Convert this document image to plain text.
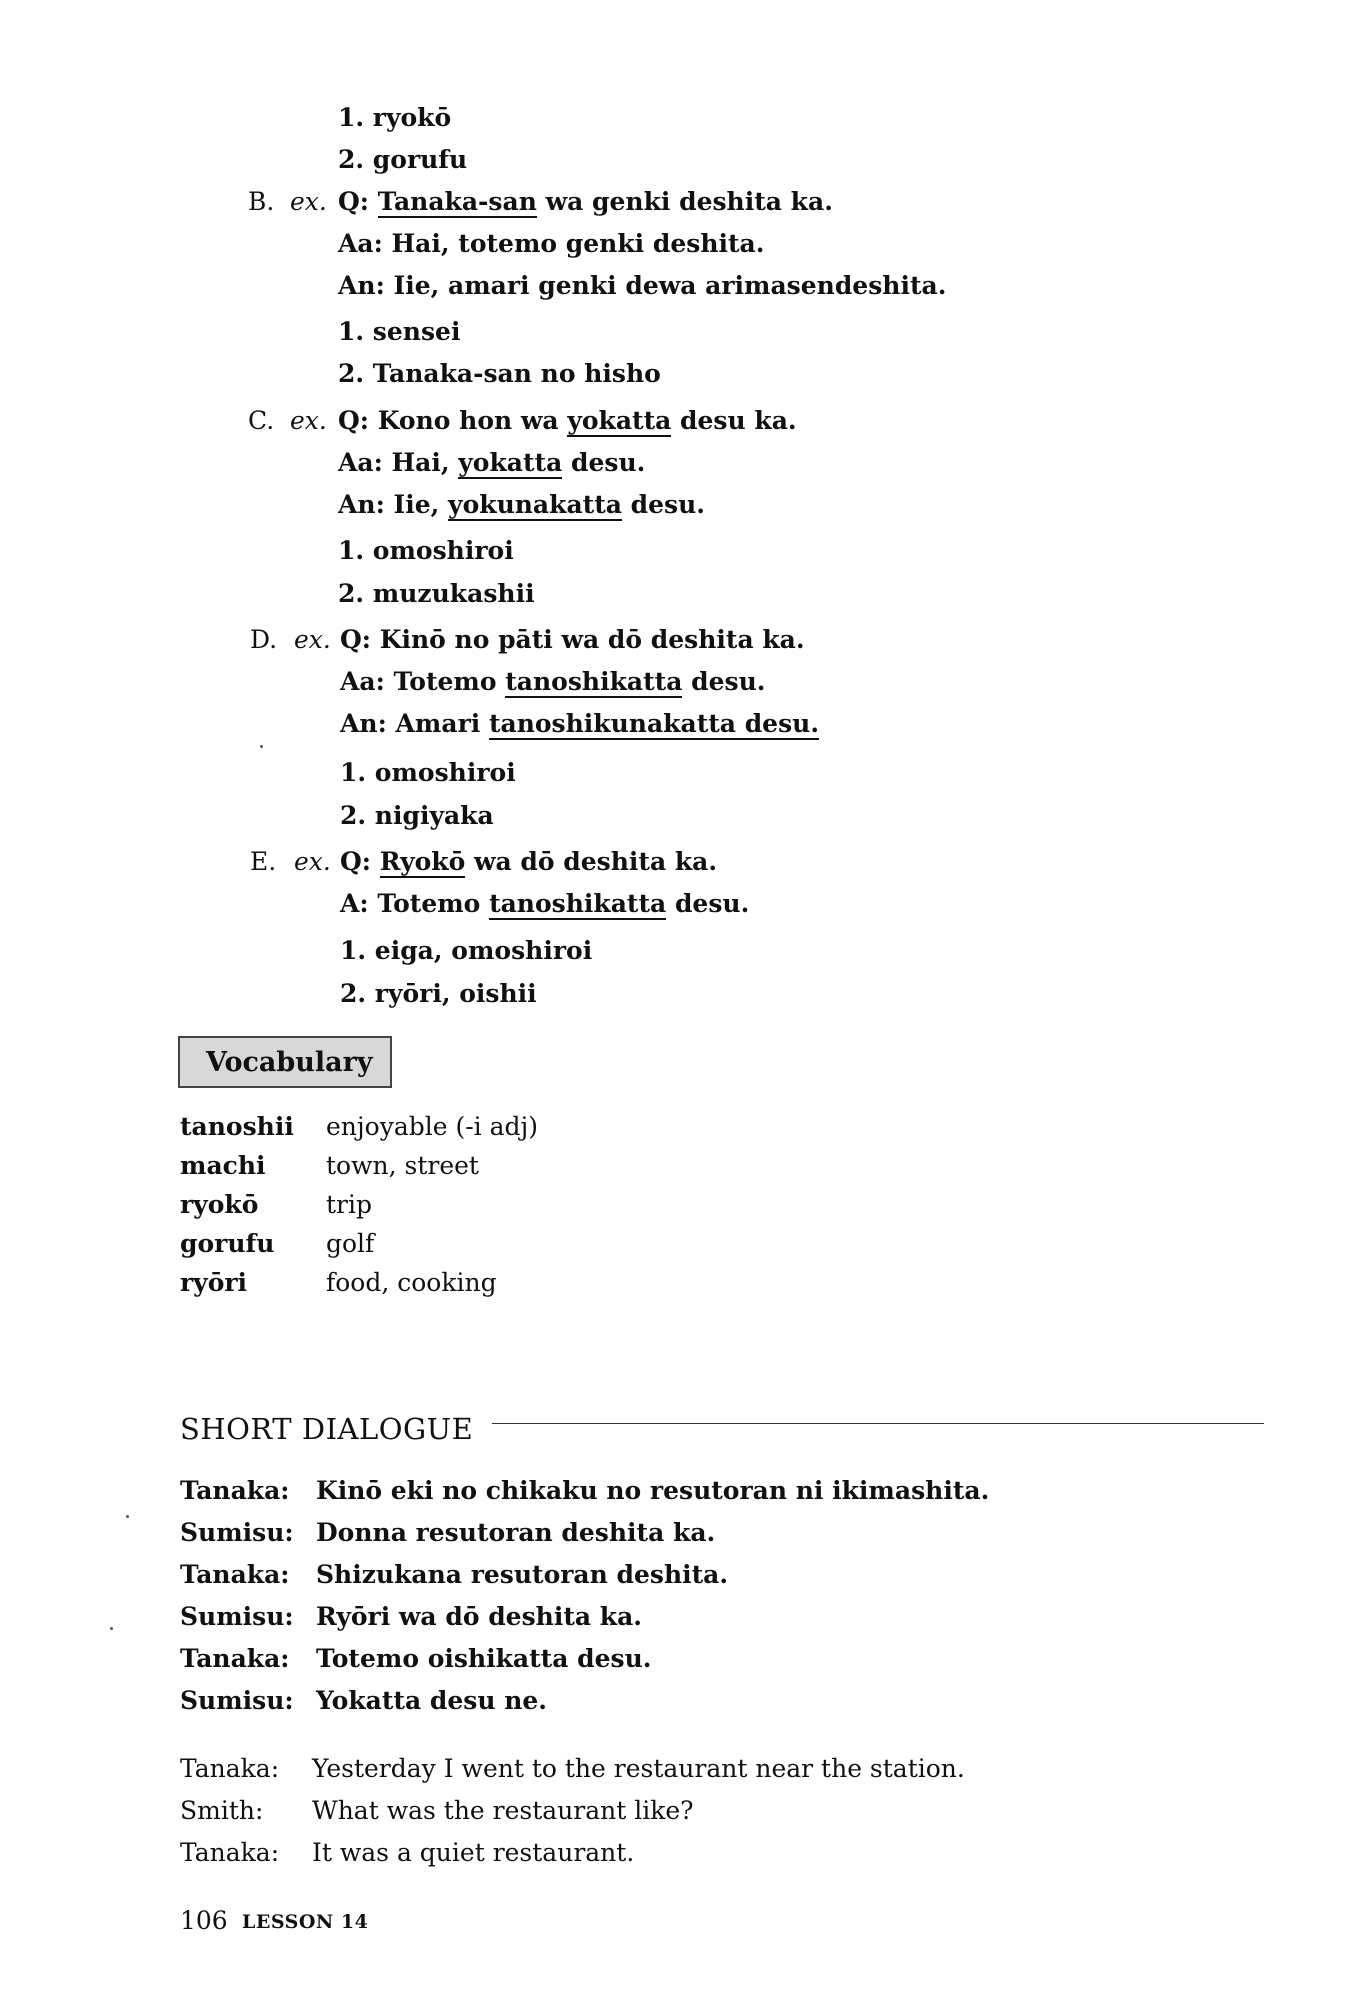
1. ryokō
2. gorufu
B. ex. Q: Tanaka-san wa genki deshita ka.
Aa: Hai, totemo genki deshita.
An: Iie, amari genki dewa arimasendeshita.
1. sensei
2. Tanaka-san no hisho
C. ex. Q: Kono hon wa yokatta desu ka.
Aa: Hai, yokatta desu.
An: Iie, yokunakatta desu.
1. omoshiroi
2. muzukashii
D. ex. Q: Kinō no pāti wa dō deshita ka.
Aa: Totemo tanoshikatta desu.
An: Amari tanoshikunakatta desu.
1. omoshiroi
2. nigiyaka
E. ex. Q: Ryokō wa dō deshita ka.
A: Totemo tanoshikatta desu.
1. eiga, omoshiroi
2. ryōri, oishii
Vocabulary
tanoshii enjoyable (-i adj)
machi town, street
ryokō	trip
gorufu golf
ryōri	food, cooking
SHORT DIALOGUE
Tanaka: Kinō eki no chikaku no resutoran ni ikimashita.
Sumisu: Donna resutoran deshita ka.
Tanaka: Shizukana resutoran deshita.
Sumisu: Ryōri wa dō deshita ka.
Tanaka: Totemo oishikatta desu.
Sumisu: Yokatta desu ne.
Tanaka: Yesterday I went to the restaurant near the station.
Smith: What was the restaurant like?
Tanaka: It was a quiet restaurant.
106 LESSON 14
